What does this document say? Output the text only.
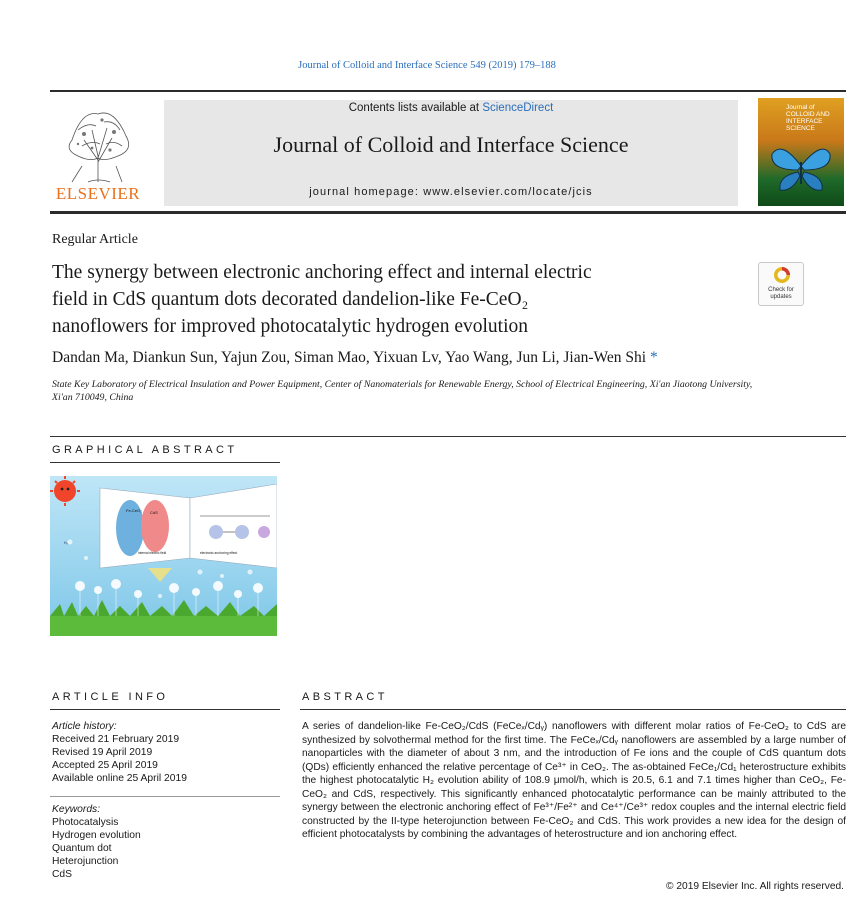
Journal of Colloid and Interface Science 549 (2019) 179–188
ELSEVIER
Contents lists available at ScienceDirect
Journal of Colloid and Interface Science
journal homepage: www.elsevier.com/locate/jcis
Journal of
COLLOID AND
INTERFACE
SCIENCE
Regular Article
The synergy between electronic anchoring effect and internal electric
field in CdS quantum dots decorated dandelion-like Fe-CeO₂
nanoflowers for improved photocatalytic hydrogen evolution
Check for updates
Dandan Ma, Diankun Sun, Yajun Zou, Siman Mao, Yixuan Lv, Yao Wang, Jun Li, Jian-Wen Shi *
State Key Laboratory of Electrical Insulation and Power Equipment, Center of Nanomaterials for Renewable Energy, School of Electrical Engineering, Xi'an Jiaotong University,
Xi'an 710049, China
GRAPHICAL ABSTRACT
Fe-CeO₂ CdS
internal electric field	electronic anchoring effect
H₂
ARTICLE INFO
Article history:
Received 21 February 2019
Revised 19 April 2019
Accepted 25 April 2019
Available online 25 April 2019
Keywords:
Photocatalysis
Hydrogen evolution
Quantum dot
Heterojunction
CdS
ABSTRACT
A series of dandelion-like Fe-CeO₂/CdS (FeCeₓ/Cdᵧ) nanoflowers with different molar ratios of Fe-CeO₂ to CdS are synthesized by solvothermal method for the first time. The FeCeₓ/Cdᵧ nanoflowers are assembled by a large number of nanoparticles with the diameter of about 3 nm, and the introduction of Fe ions and the couple of CdS quantum dots (QDs) efficiently enhanced the relative percentage of Ce³⁺ in CeO₂. The as-obtained FeCe₁/Cd₁ heterostructure exhibits the highest photocatalytic H₂ evolution ability of 108.9 μmol/h, which is 20.5, 6.1 and 7.1 times higher than CeO₂, Fe-CeO₂ and CdS, respectively. This significantly enhanced photocatalytic performance can be mainly attributed to the synergy between the electronic anchoring effect of Fe³⁺/Fe²⁺ and Ce⁴⁺/Ce³⁺ redox couples and the internal electric field constructed by the II-type heterojunction between Fe-CeO₂ and CdS. This work provides a new idea for the design of efficient photocatalysts by combining the advantages of heterostructure and ion anchoring effect.
© 2019 Elsevier Inc. All rights reserved.
